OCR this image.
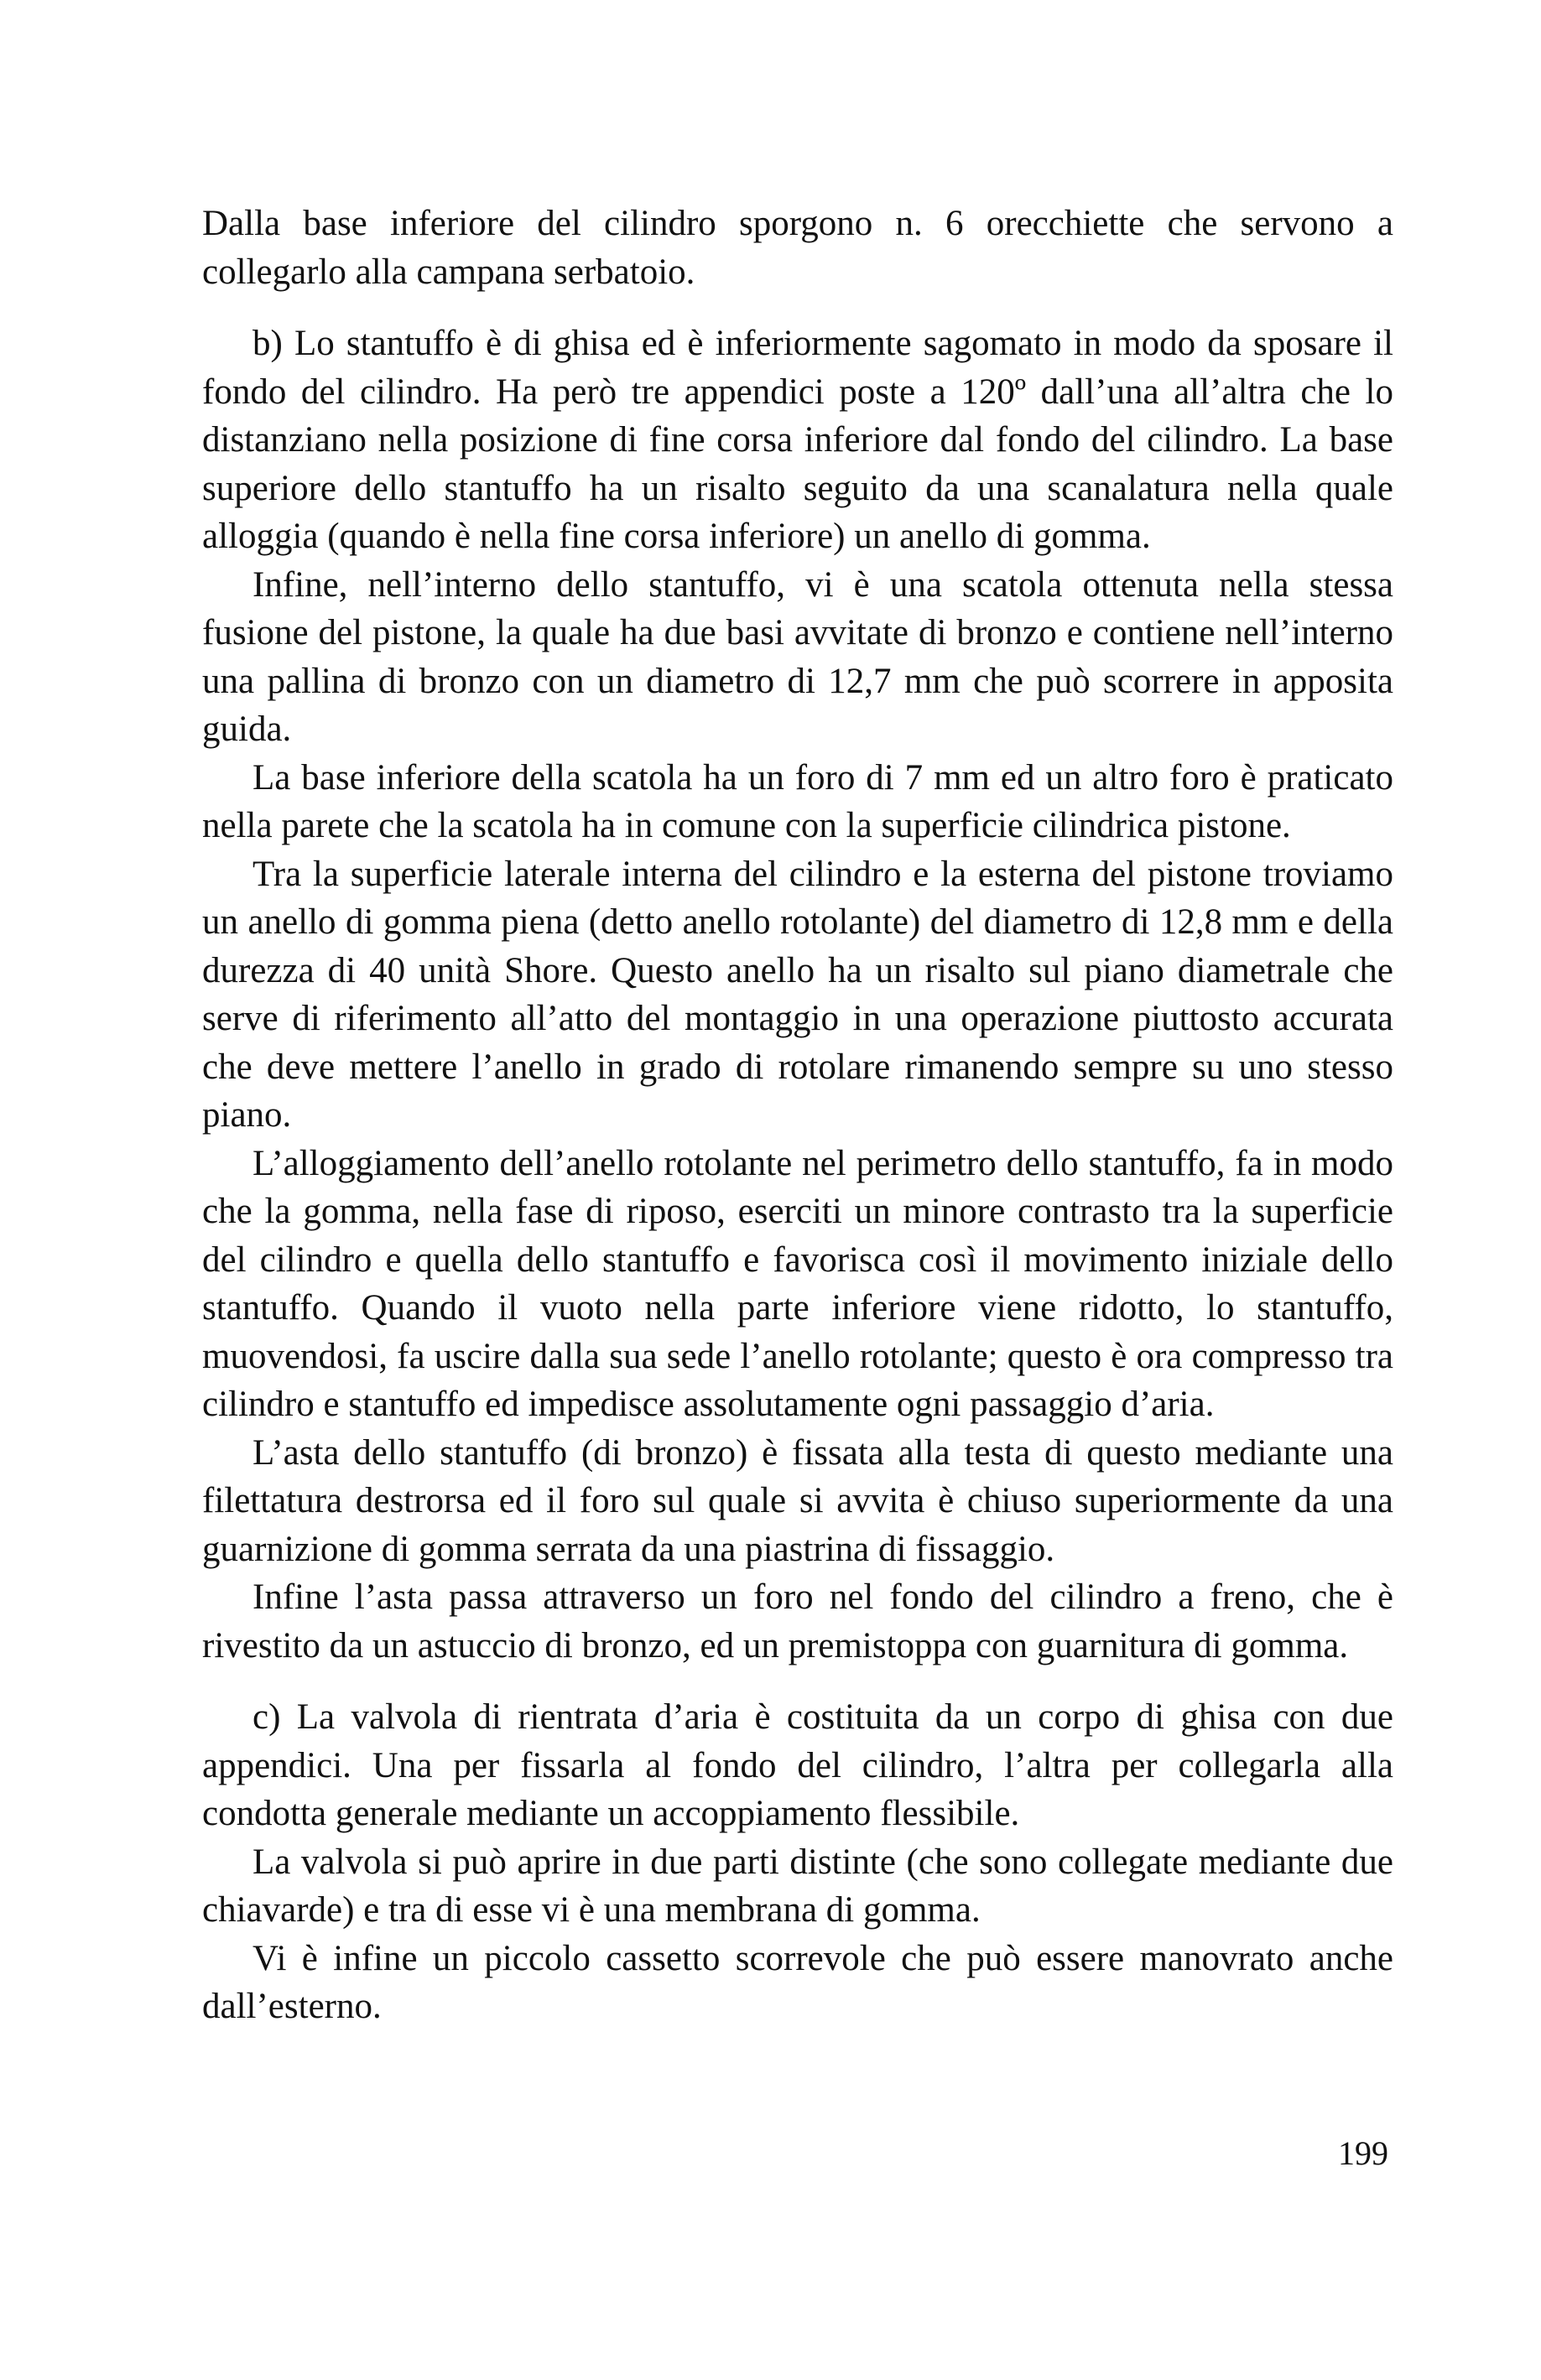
Dalla base inferiore del cilindro sporgono n. 6 orecchiette che servono a collegarlo alla campana serbatoio.

b) Lo stantuffo è di ghisa ed è inferiormente sagomato in modo da sposare il fondo del cilindro. Ha però tre appendici poste a 120º dall’una all’altra che lo distanziano nella posizione di fine corsa inferiore dal fondo del cilindro. La base superiore dello stantuffo ha un risalto seguito da una scanalatura nella quale alloggia (quando è nella fine corsa inferiore) un anello di gomma.

Infine, nell’interno dello stantuffo, vi è una scatola ottenuta nella stessa fusione del pistone, la quale ha due basi avvitate di bronzo e contiene nell’interno una pallina di bronzo con un diametro di 12,7 mm che può scorrere in apposita guida.

La base inferiore della scatola ha un foro di 7 mm ed un altro foro è praticato nella parete che la scatola ha in comune con la superficie cilindrica pistone.

Tra la superficie laterale interna del cilindro e la esterna del pistone troviamo un anello di gomma piena (detto anello rotolante) del diametro di 12,8 mm e della durezza di 40 unità Shore. Questo anello ha un risalto sul piano diametrale che serve di riferimento all’atto del montaggio in una operazione piuttosto accurata che deve mettere l’anello in grado di rotolare rimanendo sempre su uno stesso piano.

L’alloggiamento dell’anello rotolante nel perimetro dello stantuffo, fa in modo che la gomma, nella fase di riposo, eserciti un minore contrasto tra la superficie del cilindro e quella dello stantuffo e favorisca così il movimento iniziale dello stantuffo. Quando il vuoto nella parte inferiore viene ridotto, lo stantuffo, muovendosi, fa uscire dalla sua sede l’anello rotolante; questo è ora compresso tra cilindro e stantuffo ed impedisce assolutamente ogni passaggio d’aria.

L’asta dello stantuffo (di bronzo) è fissata alla testa di questo mediante una filettatura destrorsa ed il foro sul quale si avvita è chiuso superiormente da una guarnizione di gomma serrata da una piastrina di fissaggio.

Infine l’asta passa attraverso un foro nel fondo del cilindro a freno, che è rivestito da un astuccio di bronzo, ed un premistoppa con guarnitura di gomma.

c) La valvola di rientrata d’aria è costituita da un corpo di ghisa con due appendici. Una per fissarla al fondo del cilindro, l’altra per collegarla alla condotta generale mediante un accoppiamento flessibile.

La valvola si può aprire in due parti distinte (che sono collegate mediante due chiavarde) e tra di esse vi è una membrana di gomma.

Vi è infine un piccolo cassetto scorrevole che può essere manovrato anche dall’esterno.

199
